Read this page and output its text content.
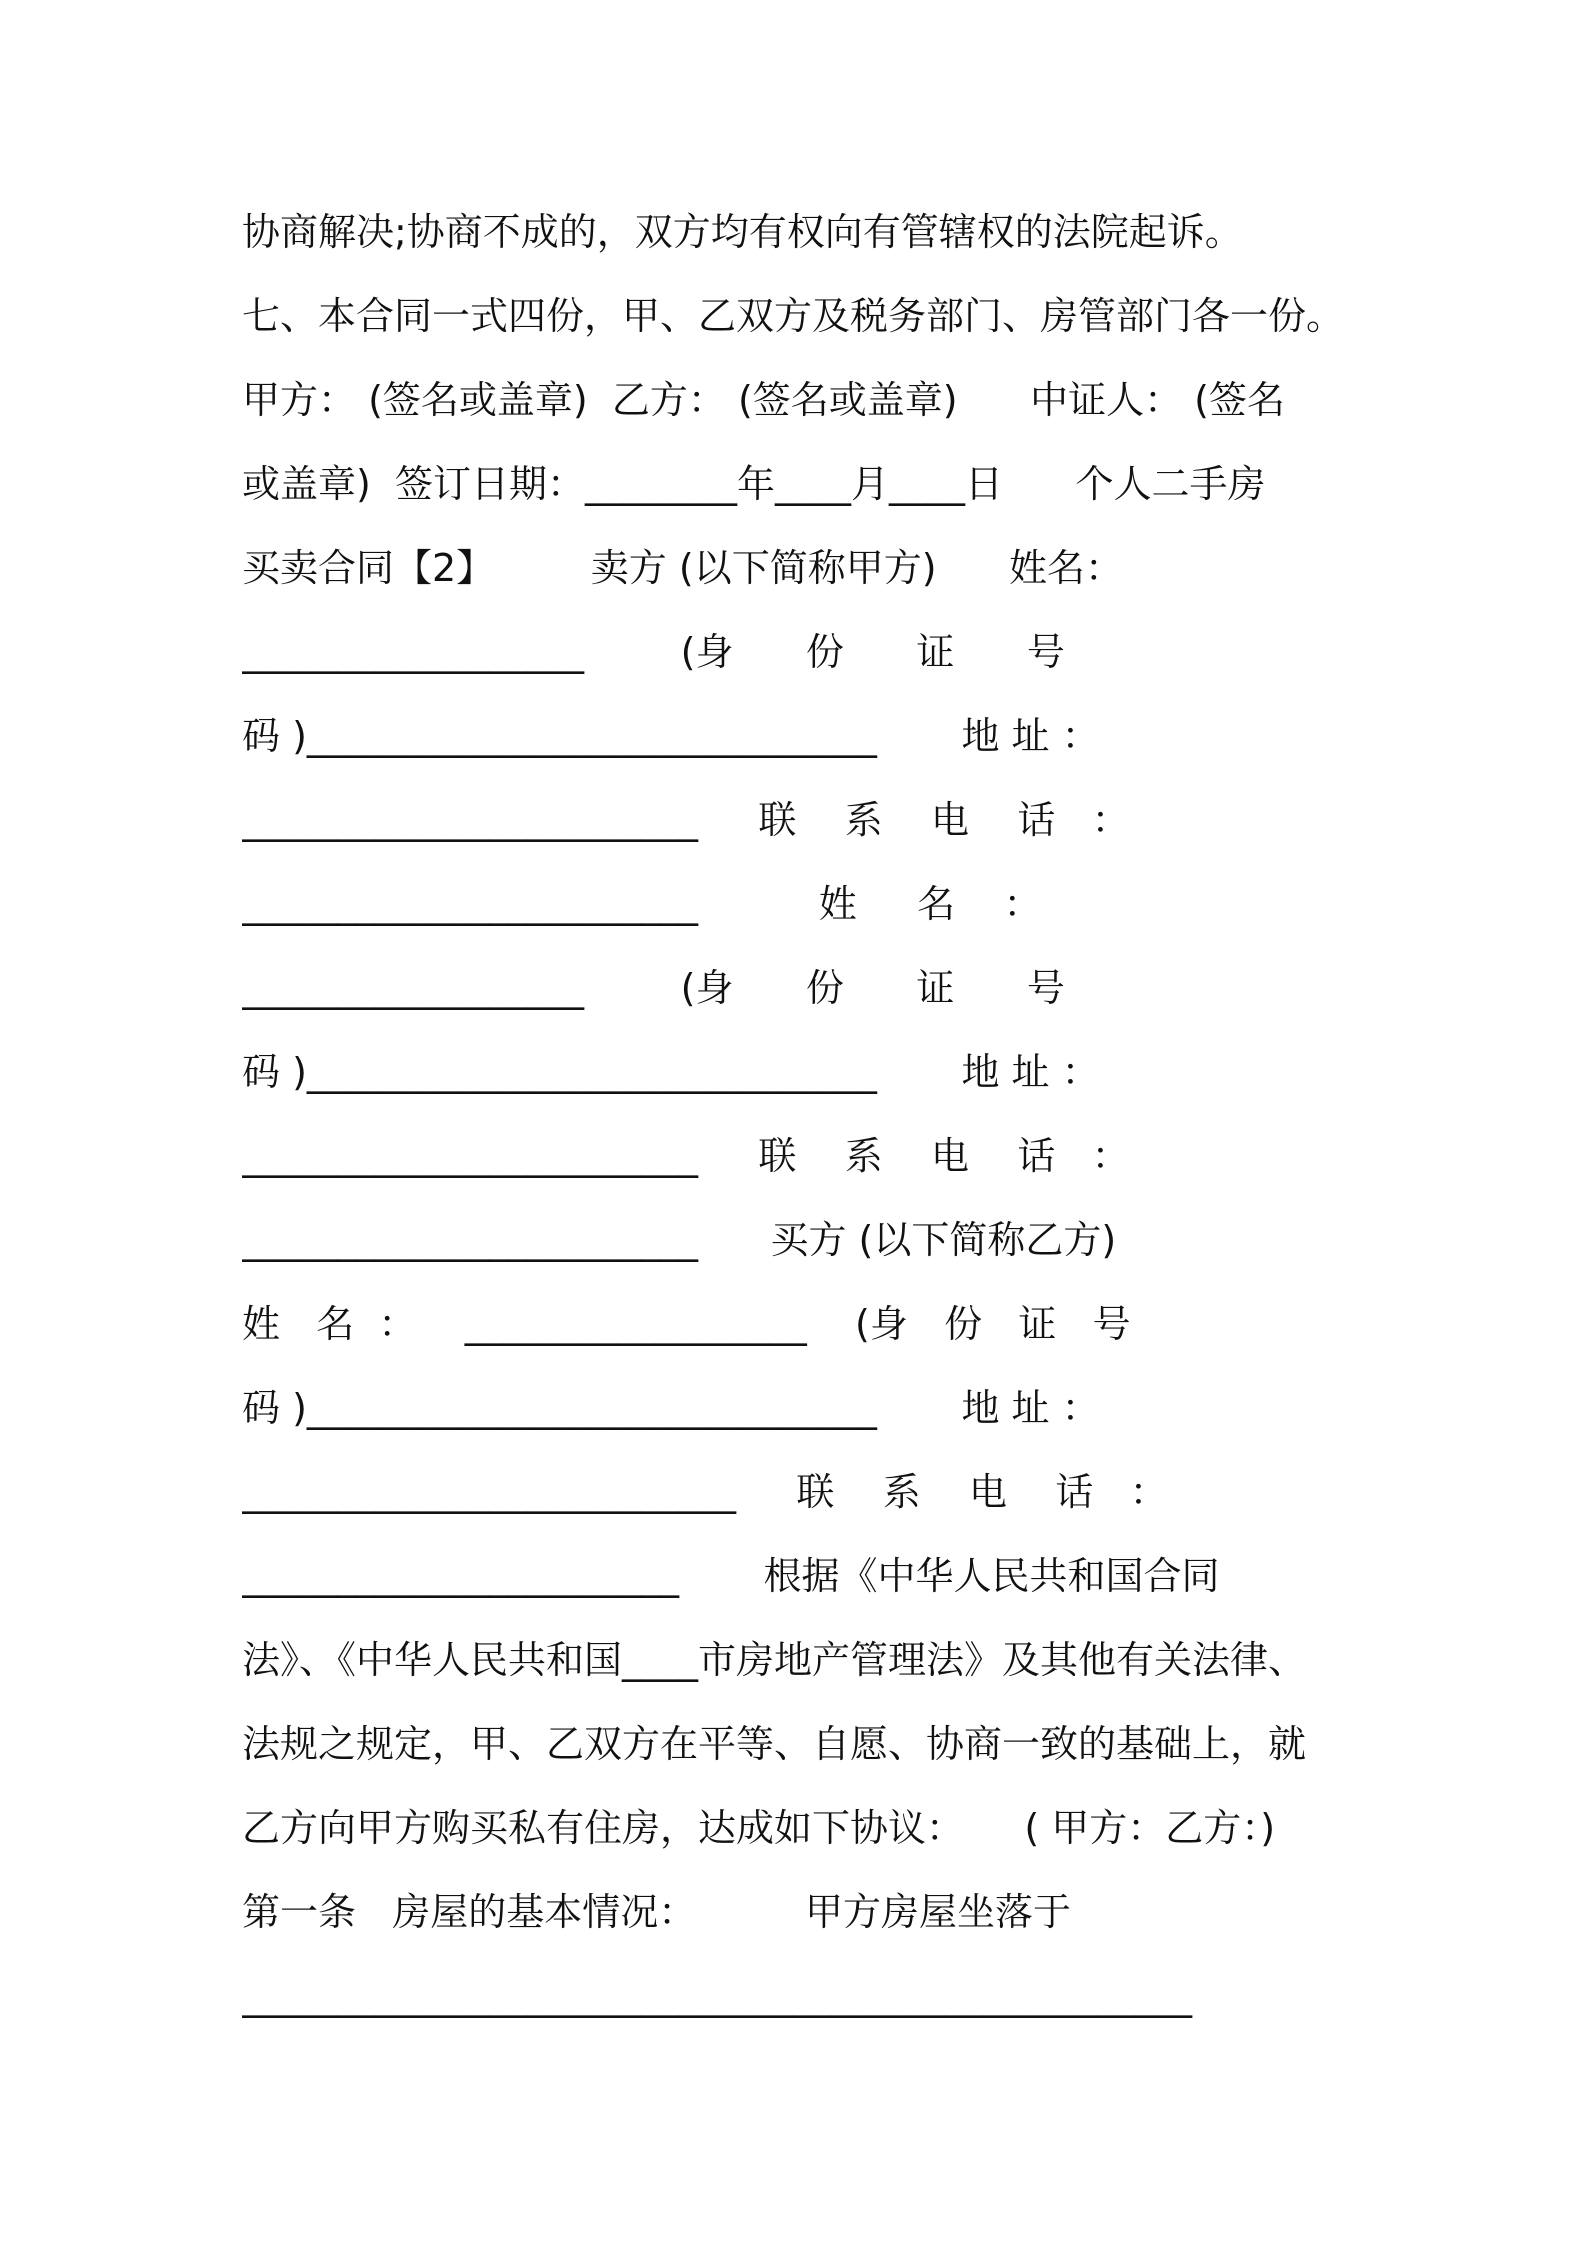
协商解决;协商不成的，双方均有权向有管辖权的法院起诉。
七、本合同一式四份，甲、乙双方及税务部门、房管部门各一份。
甲方： (签名或盖章)  乙方： (签名或盖章)      中证人： (签名
或盖章)  签订日期：________年____月____日      个人二手房
买卖合同【2】        卖方 (以下简称甲方)      姓名：
__________________        (身      份      证      号
码 )______________________________       地 址 ：
________________________     联    系    电    话   ：
________________________          姓     名    ：
__________________        (身      份      证      号
码 )______________________________       地 址 ：
________________________     联    系    电    话   ：
________________________      买方 (以下简称乙方)
姓   名  ：    __________________    (身   份   证   号
码 )______________________________       地 址 ：
__________________________     联    系    电    话   ：
_______________________       根据《中华人民共和国合同
法》、《中华人民共和国____市房地产管理法》及其他有关法律、
法规之规定，甲、乙双方在平等、自愿、协商一致的基础上，就
乙方向甲方购买私有住房，达成如下协议：     ( 甲方：乙方：)
第一条   房屋的基本情况：         甲方房屋坐落于
__________________________________________________
